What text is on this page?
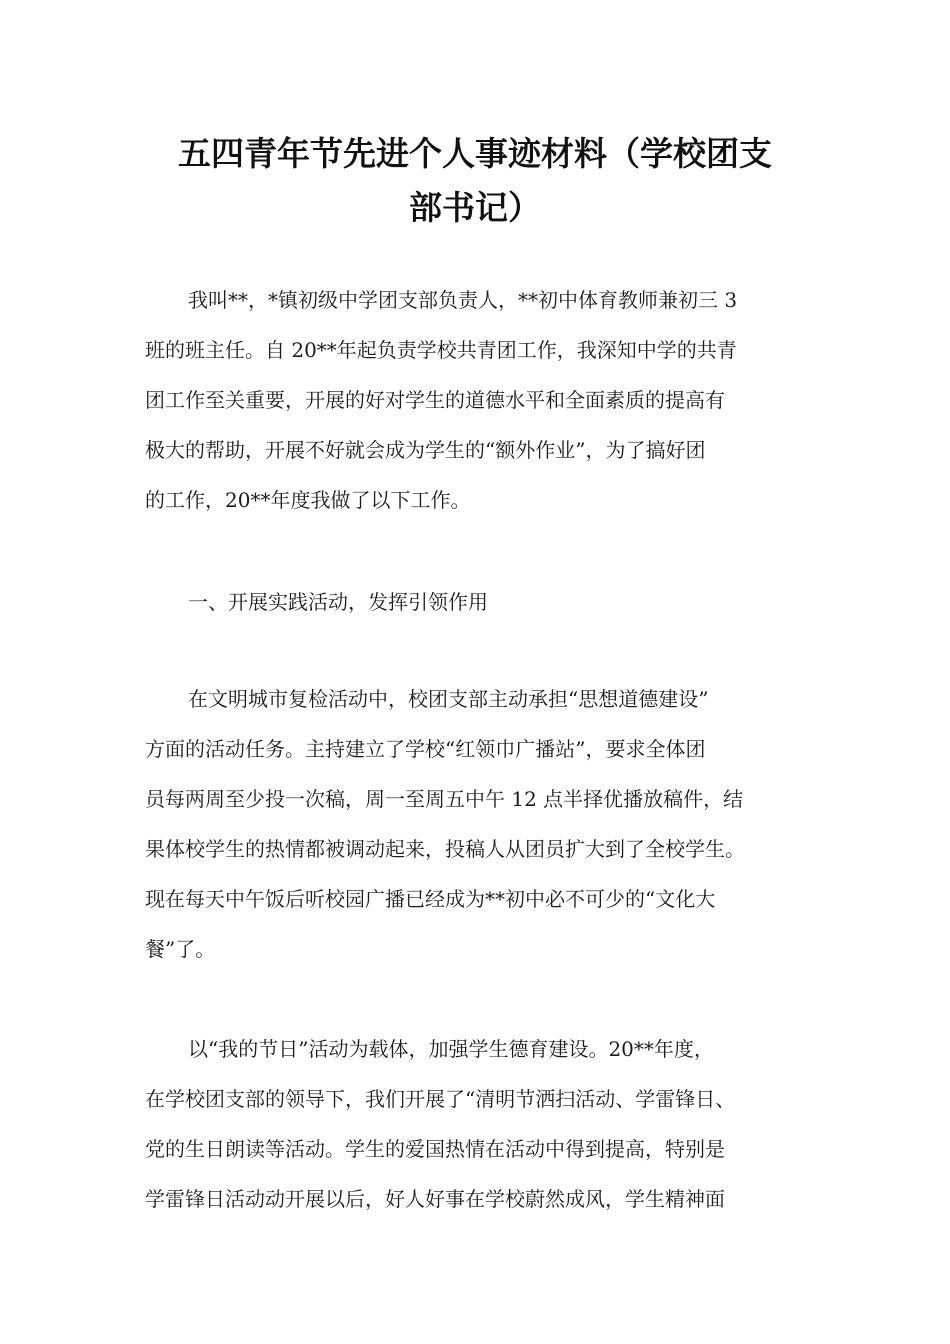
五四青年节先进个人事迹材料（学校团支
部书记）
我叫**，*镇初级中学团支部负责人，**初中体育教师兼初三 3
班的班主任。自 20**年起负责学校共青团工作，我深知中学的共青
团工作至关重要，开展的好对学生的道德水平和全面素质的提高有
极大的帮助，开展不好就会成为学生的“额外作业”，为了搞好团
的工作，20**年度我做了以下工作。
一、开展实践活动，发挥引领作用
在文明城市复检活动中，校团支部主动承担“思想道德建设”
方面的活动任务。主持建立了学校“红领巾广播站”，要求全体团
员每两周至少投一次稿，周一至周五中午 12 点半择优播放稿件，结
果体校学生的热情都被调动起来，投稿人从团员扩大到了全校学生。
现在每天中午饭后听校园广播已经成为**初中必不可少的“文化大
餐”了。
以“我的节日”活动为载体，加强学生德育建设。20**年度，
在学校团支部的领导下，我们开展了“清明节洒扫活动、学雷锋日、
党的生日朗读等活动。学生的爱国热情在活动中得到提高，特别是
学雷锋日活动动开展以后，好人好事在学校蔚然成风，学生精神面
